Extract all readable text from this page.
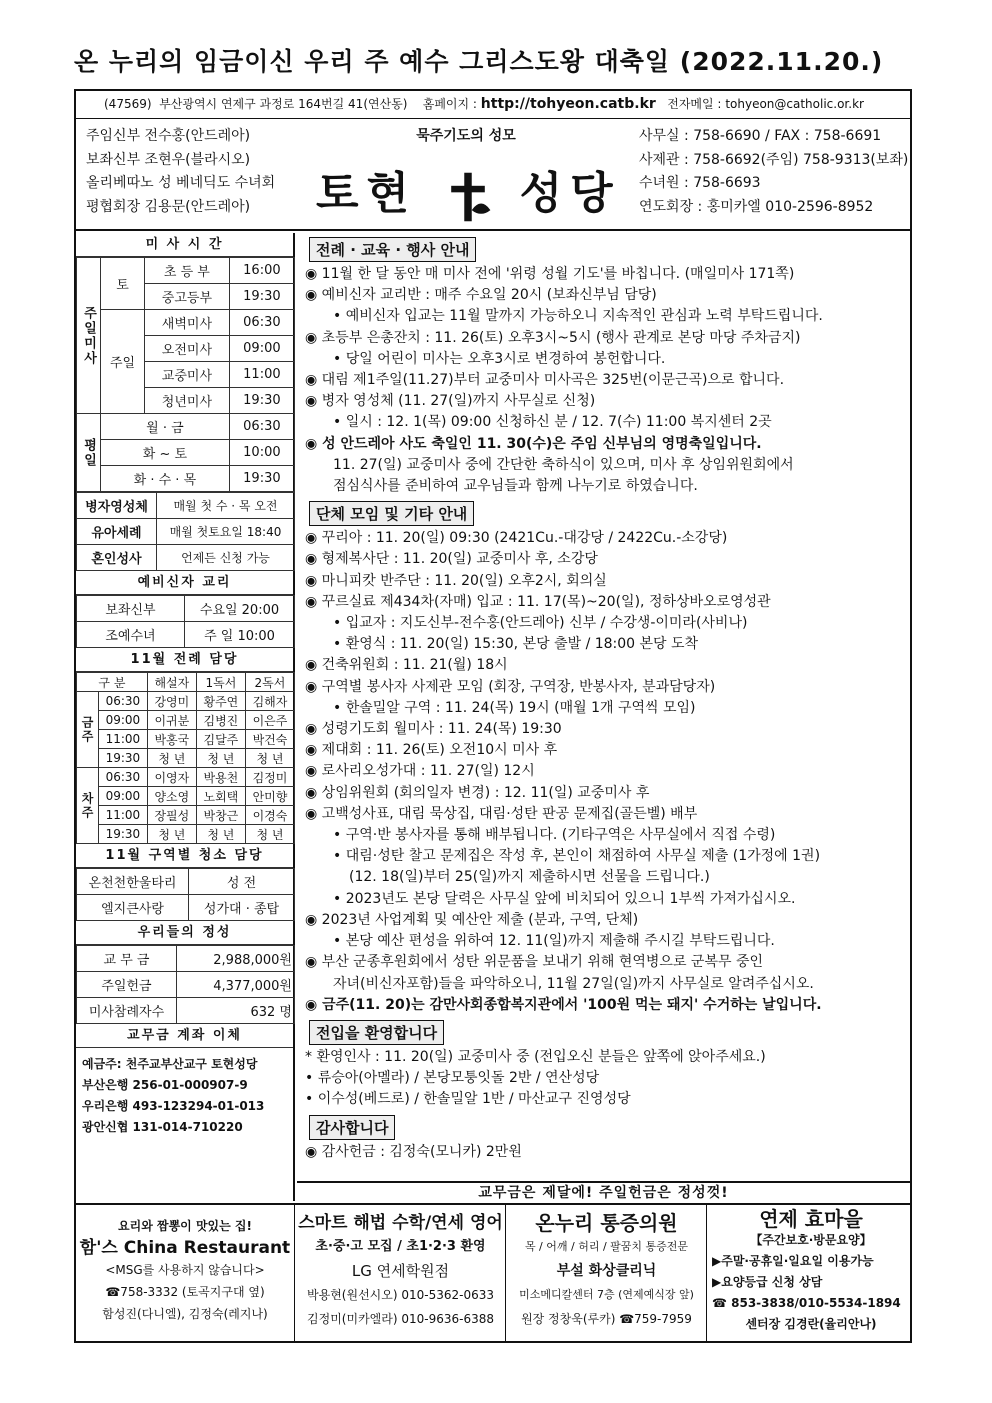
온 누리의 임금이신 우리 주 예수 그리스도왕 대축일 (2022.11.20.)
(47569) 부산광역시 연제구 과정로 164번길 41(연산동) 홈페이지 : http://tohyeon.catb.kr 전자메일 : tohyeon@catholic.or.kr
주임신부 전수홍(안드레아)
보좌신부 조현우(블라시오)
올리베따노 성 베네딕도 수녀회
평협회장 김용문(안드레아)
묵주기도의 성모
토현 성당
사무실 : 758-6690 / FAX : 758-6691
사제관 : 758-6692(주임) 758-9313(보좌)
수녀원 : 758-6693
연도회장 : 홍미카엘 010-2596-8952
미 사 시 간
주일미사	토	초 등 부	16:00
		중고등부	19:30
	주일	새벽미사	06:30
		오전미사	09:00
		교중미사	11:00
		청년미사	19:30
평일	월 · 금		06:30
	화 ~ 토		10:00
	화 · 수 · 목		19:30
병자영성체	매월 첫 수 · 목 오전
유아세례	매월 첫토요일 18:40
혼인성사	언제든 신청 가능
예비신자 교리
보좌신부	수요일 20:00
조예수녀	주 일 10:00
11월 전례 담당
구 분		해설자	1독서	2독서
금주	06:30	강영미	황주연	김해자
	09:00	이귀분	김병진	이은주
	11:00	박홍국	김달주	박건숙
	19:30	청 년	청 년	청 년
차주	06:30	이영자	박용천	김정미
	09:00	양소영	노회택	안미향
	11:00	장필성	박창근	이경숙
	19:30	청 년	청 년	청 년
11월 구역별 청소 담당
온천천한울타리	성 전
엘지큰사랑	성가대 · 종탑
우리들의 정성
교 무 금	2,988,000원
주일헌금	4,377,000원
미사참례자수	632 명
교무금 계좌 이체
예금주: 천주교부산교구 토현성당
부산은행 256-01-000907-9
우리은행 493-123294-01-013
광안신협 131-014-710220
전례 · 교육 · 행사 안내
◉ 11월 한 달 동안 매 미사 전에 '위령 성월 기도'를 바칩니다. (매일미사 171쪽)
◉ 예비신자 교리반 : 매주 수요일 20시 (보좌신부님 담당)
• 예비신자 입교는 11월 말까지 가능하오니 지속적인 관심과 노력 부탁드립니다.
◉ 초등부 은총잔치 : 11. 26(토) 오후3시~5시 (행사 관계로 본당 마당 주차금지)
• 당일 어린이 미사는 오후3시로 변경하여 봉헌합니다.
◉ 대림 제1주일(11.27)부터 교중미사 미사곡은 325번(이문근곡)으로 합니다.
◉ 병자 영성체 (11. 27(일)까지 사무실로 신청)
• 일시 : 12. 1(목) 09:00 신청하신 분 / 12. 7(수) 11:00 복지센터 2곳
◉ 성 안드레아 사도 축일인 11. 30(수)은 주임 신부님의 영명축일입니다.
11. 27(일) 교중미사 중에 간단한 축하식이 있으며, 미사 후 상임위원회에서
점심식사를 준비하여 교우님들과 함께 나누기로 하였습니다.
단체 모임 및 기타 안내
◉ 꾸리아 : 11. 20(일) 09:30 (2421Cu.-대강당 / 2422Cu.-소강당)
◉ 형제복사단 : 11. 20(일) 교중미사 후, 소강당
◉ 마니피캇 반주단 : 11. 20(일) 오후2시, 회의실
◉ 꾸르실료 제434차(자매) 입교 : 11. 17(목)~20(일), 정하상바오로영성관
• 입교자 : 지도신부-전수홍(안드레아) 신부 / 수강생-이미라(사비나)
• 환영식 : 11. 20(일) 15:30, 본당 출발 / 18:00 본당 도착
◉ 건축위원회 : 11. 21(월) 18시
◉ 구역별 봉사자 사제관 모임 (회장, 구역장, 반봉사자, 분과담당자)
• 한솔밀알 구역 : 11. 24(목) 19시 (매월 1개 구역씩 모임)
◉ 성령기도회 월미사 : 11. 24(목) 19:30
◉ 제대회 : 11. 26(토) 오전10시 미사 후
◉ 로사리오성가대 : 11. 27(일) 12시
◉ 상임위원회 (회의일자 변경) : 12. 11(일) 교중미사 후
◉ 고백성사표, 대림 묵상집, 대림·성탄 판공 문제집(골든벨) 배부
• 구역·반 봉사자를 통해 배부됩니다. (기타구역은 사무실에서 직접 수령)
• 대림·성탄 찰고 문제집은 작성 후, 본인이 채점하여 사무실 제출 (1가정에 1권)
(12. 18(일)부터 25(일)까지 제출하시면 선물을 드립니다.)
• 2023년도 본당 달력은 사무실 앞에 비치되어 있으니 1부씩 가져가십시오.
◉ 2023년 사업계획 및 예산안 제출 (분과, 구역, 단체)
• 본당 예산 편성을 위하여 12. 11(일)까지 제출해 주시길 부탁드립니다.
◉ 부산 군종후원회에서 성탄 위문품을 보내기 위해 현역병으로 군복무 중인
자녀(비신자포함)들을 파악하오니, 11월 27일(일)까지 사무실로 알려주십시오.
◉ 금주(11. 20)는 감만사회종합복지관에서 '100원 먹는 돼지' 수거하는 날입니다.
전입을 환영합니다
* 환영인사 : 11. 20(일) 교중미사 중 (전입오신 분들은 앞쪽에 앉아주세요.)
• 류승아(아멜라) / 본당모퉁잇돌 2반 / 연산성당
• 이수성(베드로) / 한솔밀알 1반 / 마산교구 진영성당
감사합니다
◉ 감사헌금 : 김정숙(모니카) 2만원
교무금은 제달에! 주일헌금은 정성껏!
요리와 짬뽕이 맛있는 집!
함'스 China Restaurant
<MSG를 사용하지 않습니다>
☎758-3332 (토곡지구대 옆)
함성진(다니엘), 김정숙(레지나)
스마트 해법 수학/연세 영어
초·중·고 모집 / 초1·2·3 환영
LG 연세학원점
박용현(원선시오) 010-5362-0633
김정미(미카엘라) 010-9636-6388
온누리 통증의원
목 / 어깨 / 허리 / 팔꿈치 통증전문
부설 화상클리닉
미소메디칼센터 7층 (연제예식장 앞)
원장 정창욱(루카) ☎759-7959
연제 효마을
【주간보호·방문요양】
▶주말·공휴일·일요일 이용가능
▶요양등급 신청 상담
☎ 853-3838/010-5534-1894
센터장 김경란(율리안나)
